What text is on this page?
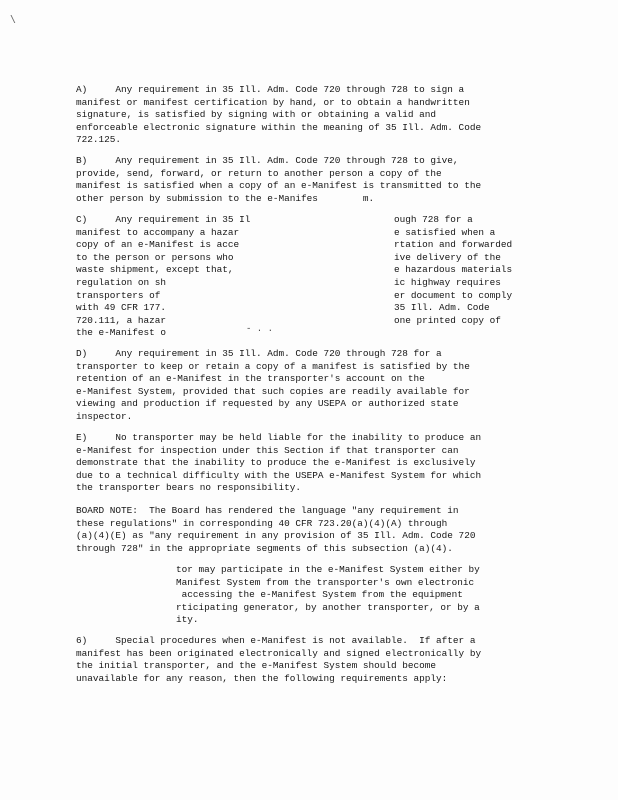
\
A)     Any requirement in 35 Ill. Adm. Code 720 through 728 to sign a
manifest or manifest certification by hand, or to obtain a handwritten
signature, is satisfied by signing with or obtaining a valid and
enforceable electronic signature within the meaning of 35 Ill. Adm. Code
722.125.
B)     Any requirement in 35 Ill. Adm. Code 720 through 728 to give,
provide, send, forward, or return to another person a copy of the
manifest is satisfied when a copy of an e-Manifest is transmitted to the
other person by submission to the e-Manifes        m.
C)     Any requirement in 35 Il
manifest to accompany a hazar
copy of an e-Manifest is acce
to the person or persons who
waste shipment, except that,
regulation on sh
transporters of
with 49 CFR 177.
720.111, a hazar
the e-Manifest o
ough 728 for a
e satisfied when a
rtation and forwarded
ive delivery of the
e hazardous materials
ic highway requires
er document to comply
35 Ill. Adm. Code
one printed copy of
- . .
D)     Any requirement in 35 Ill. Adm. Code 720 through 728 for a
transporter to keep or retain a copy of a manifest is satisfied by the
retention of an e-Manifest in the transporter's account on the
e-Manifest System, provided that such copies are readily available for
viewing and production if requested by any USEPA or authorized state
inspector.
E)     No transporter may be held liable for the inability to produce an
e-Manifest for inspection under this Section if that transporter can
demonstrate that the inability to produce the e-Manifest is exclusively
due to a technical difficulty with the USEPA e-Manifest System for which
the transporter bears no responsibility.
BOARD NOTE:  The Board has rendered the language "any requirement in
these regulations" in corresponding 40 CFR 723.20(a)(4)(A) through
(a)(4)(E) as "any requirement in any provision of 35 Ill. Adm. Code 720
through 728" in the appropriate segments of this subsection (a)(4).
tor may participate in the e-Manifest System either by
Manifest System from the transporter's own electronic
accessing the e-Manifest System from the equipment
rticipating generator, by another transporter, or by a
ity.
6)     Special procedures when e-Manifest is not available.  If after a
manifest has been originated electronically and signed electronically by
the initial transporter, and the e-Manifest System should become
unavailable for any reason, then the following requirements apply:
